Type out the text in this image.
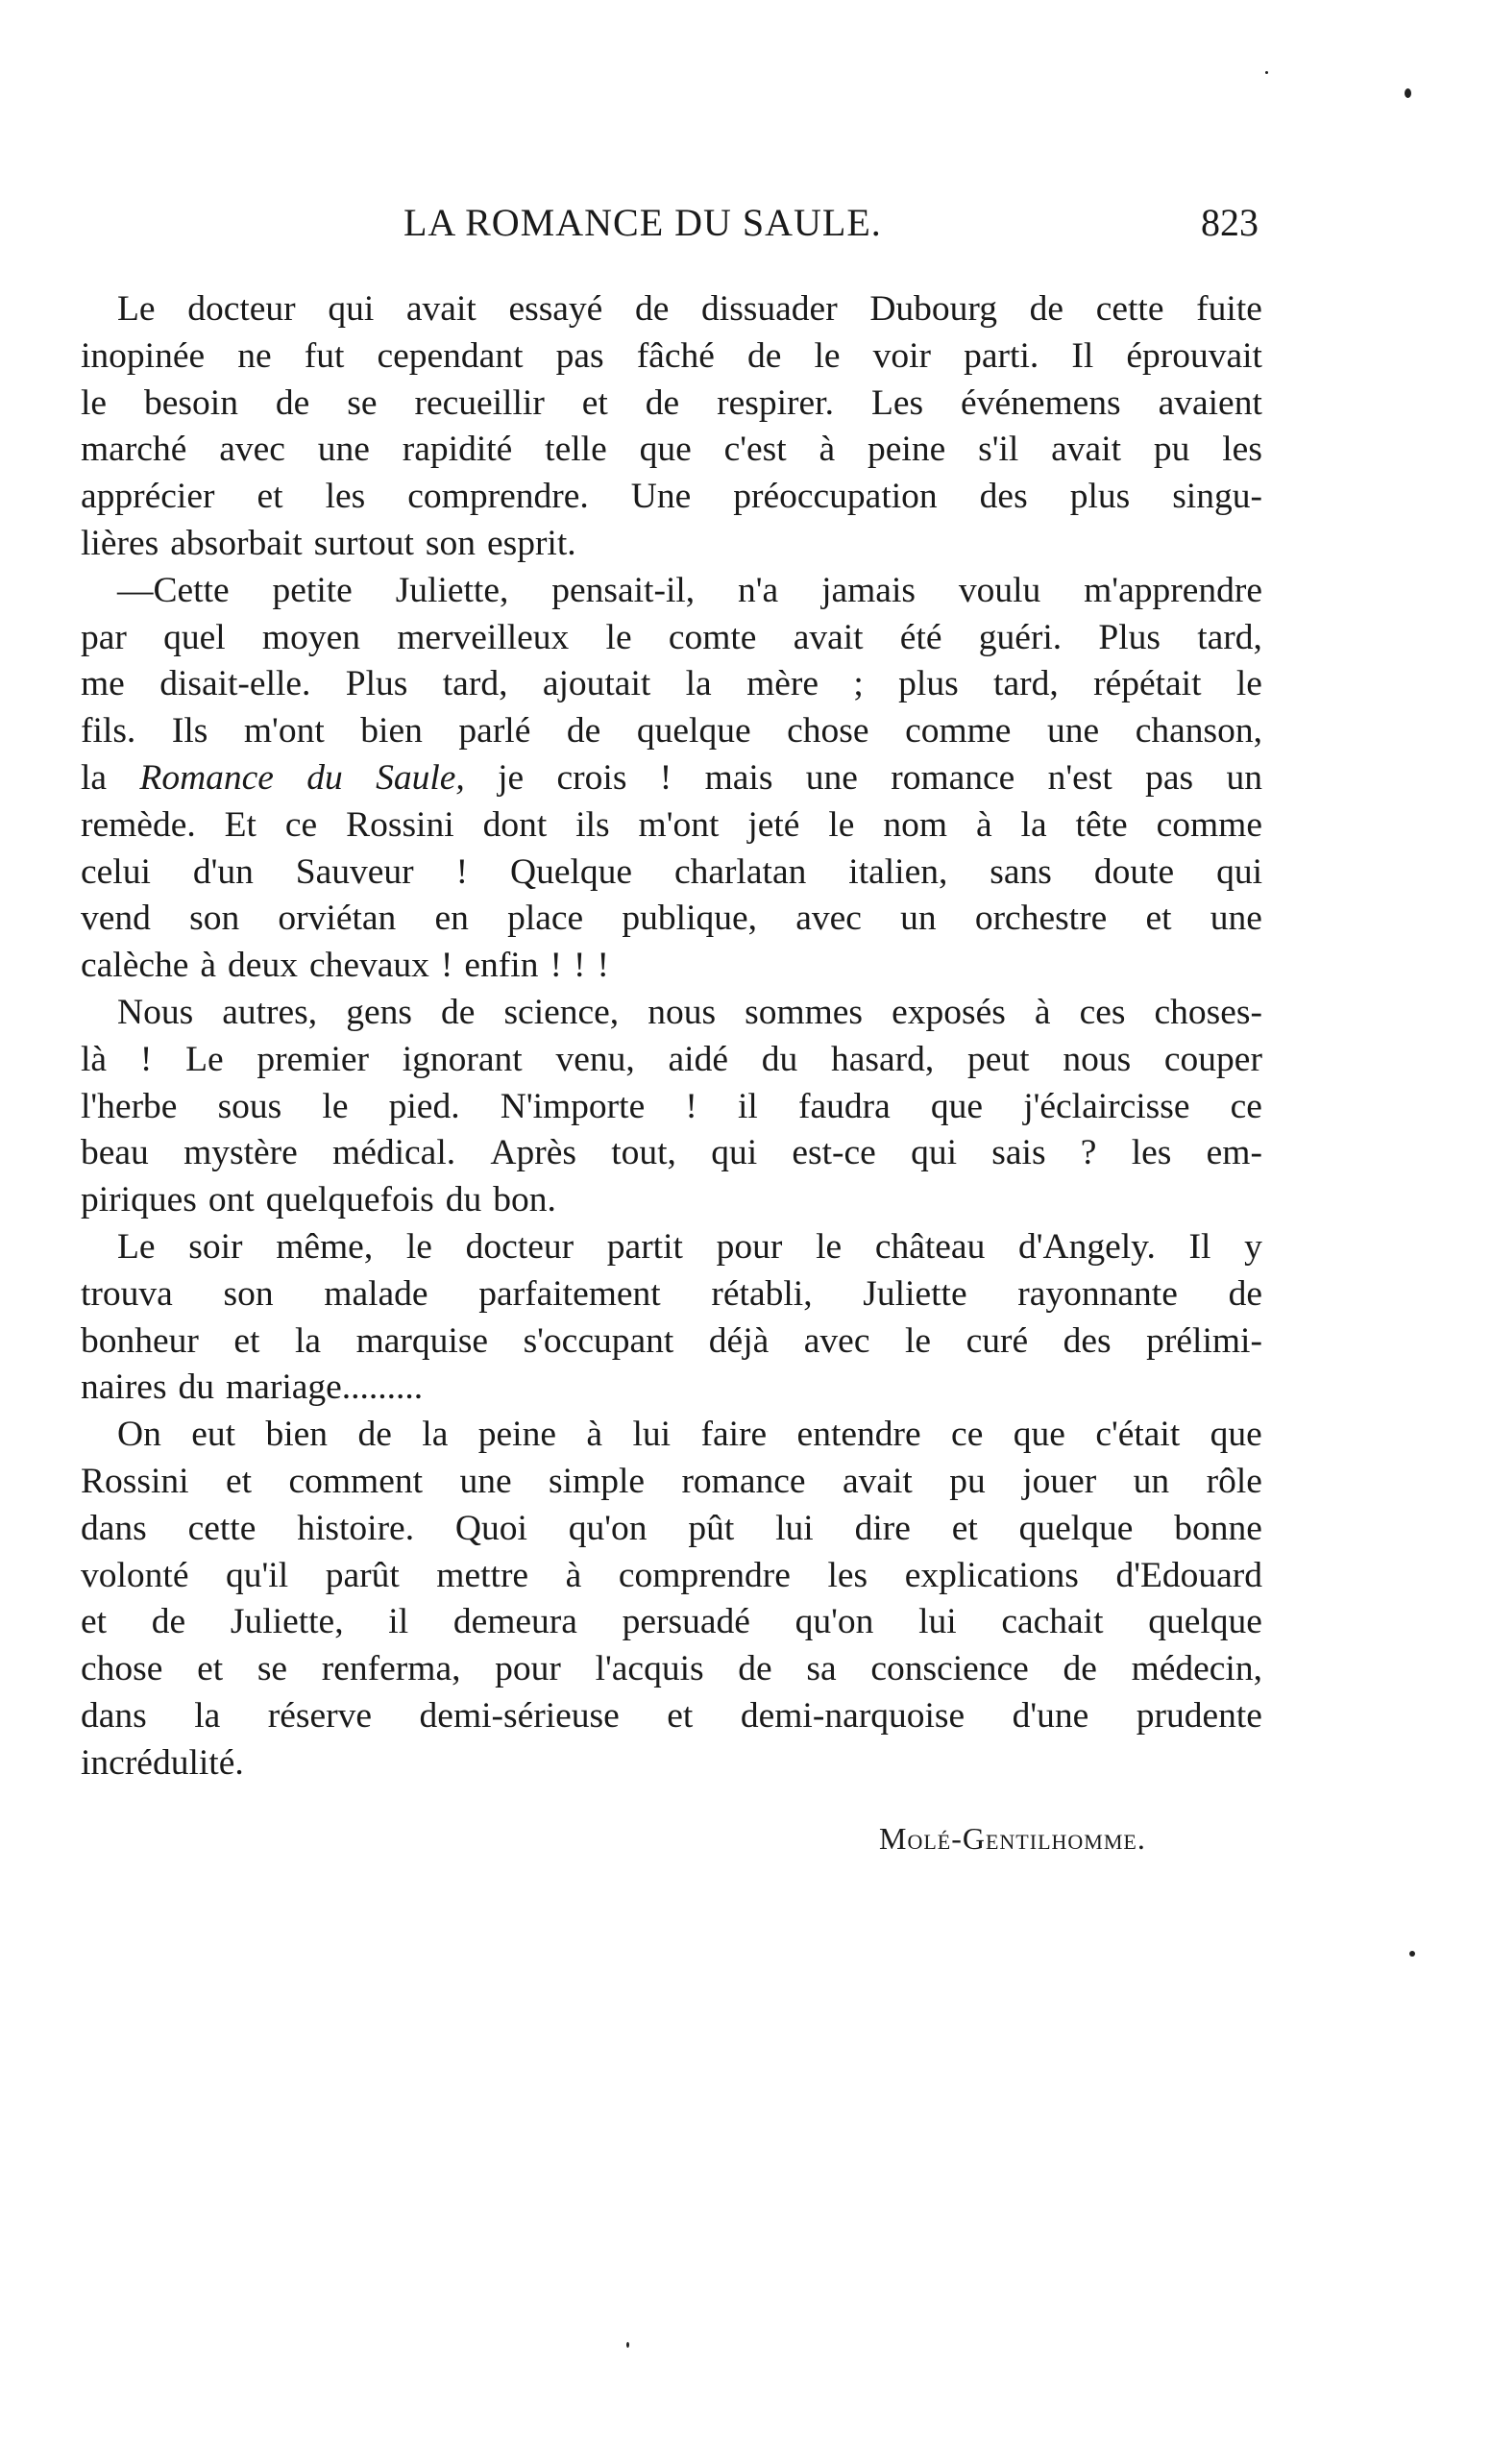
LA ROMANCE DU SAULE.	823
Le docteur qui avait essayé de dissuader Dubourg de cette fuite
inopinée ne fut cependant pas fâché de le voir parti. Il éprouvait
le besoin de se recueillir et de respirer. Les événemens avaient
marché avec une rapidité telle que c'est à peine s'il avait pu les
apprécier et les comprendre. Une préoccupation des plus singu-
lières absorbait surtout son esprit.
—Cette petite Juliette, pensait-il, n'a jamais voulu m'apprendre
par quel moyen merveilleux le comte avait été guéri. Plus tard,
me disait-elle. Plus tard, ajoutait la mère ; plus tard, répétait le
fils. Ils m'ont bien parlé de quelque chose comme une chanson,
la Romance du Saule, je crois ! mais une romance n'est pas un
remède. Et ce Rossini dont ils m'ont jeté le nom à la tête comme
celui d'un Sauveur ! Quelque charlatan italien, sans doute qui
vend son orviétan en place publique, avec un orchestre et une
calèche à deux chevaux ! enfin ! ! !
Nous autres, gens de science, nous sommes exposés à ces choses-
là ! Le premier ignorant venu, aidé du hasard, peut nous couper
l'herbe sous le pied. N'importe ! il faudra que j'éclaircisse ce
beau mystère médical. Après tout, qui est-ce qui sais ? les em-
piriques ont quelquefois du bon.
Le soir même, le docteur partit pour le château d'Angely. Il y
trouva son malade parfaitement rétabli, Juliette rayonnante de
bonheur et la marquise s'occupant déjà avec le curé des prélimi-
naires du mariage.........
On eut bien de la peine à lui faire entendre ce que c'était que
Rossini et comment une simple romance avait pu jouer un rôle
dans cette histoire. Quoi qu'on pût lui dire et quelque bonne
volonté qu'il parût mettre à comprendre les explications d'Edouard
et de Juliette, il demeura persuadé qu'on lui cachait quelque
chose et se renferma, pour l'acquis de sa conscience de médecin,
dans la réserve demi-sérieuse et demi-narquoise d'une prudente
incrédulité.
Molé-Gentilhomme.
